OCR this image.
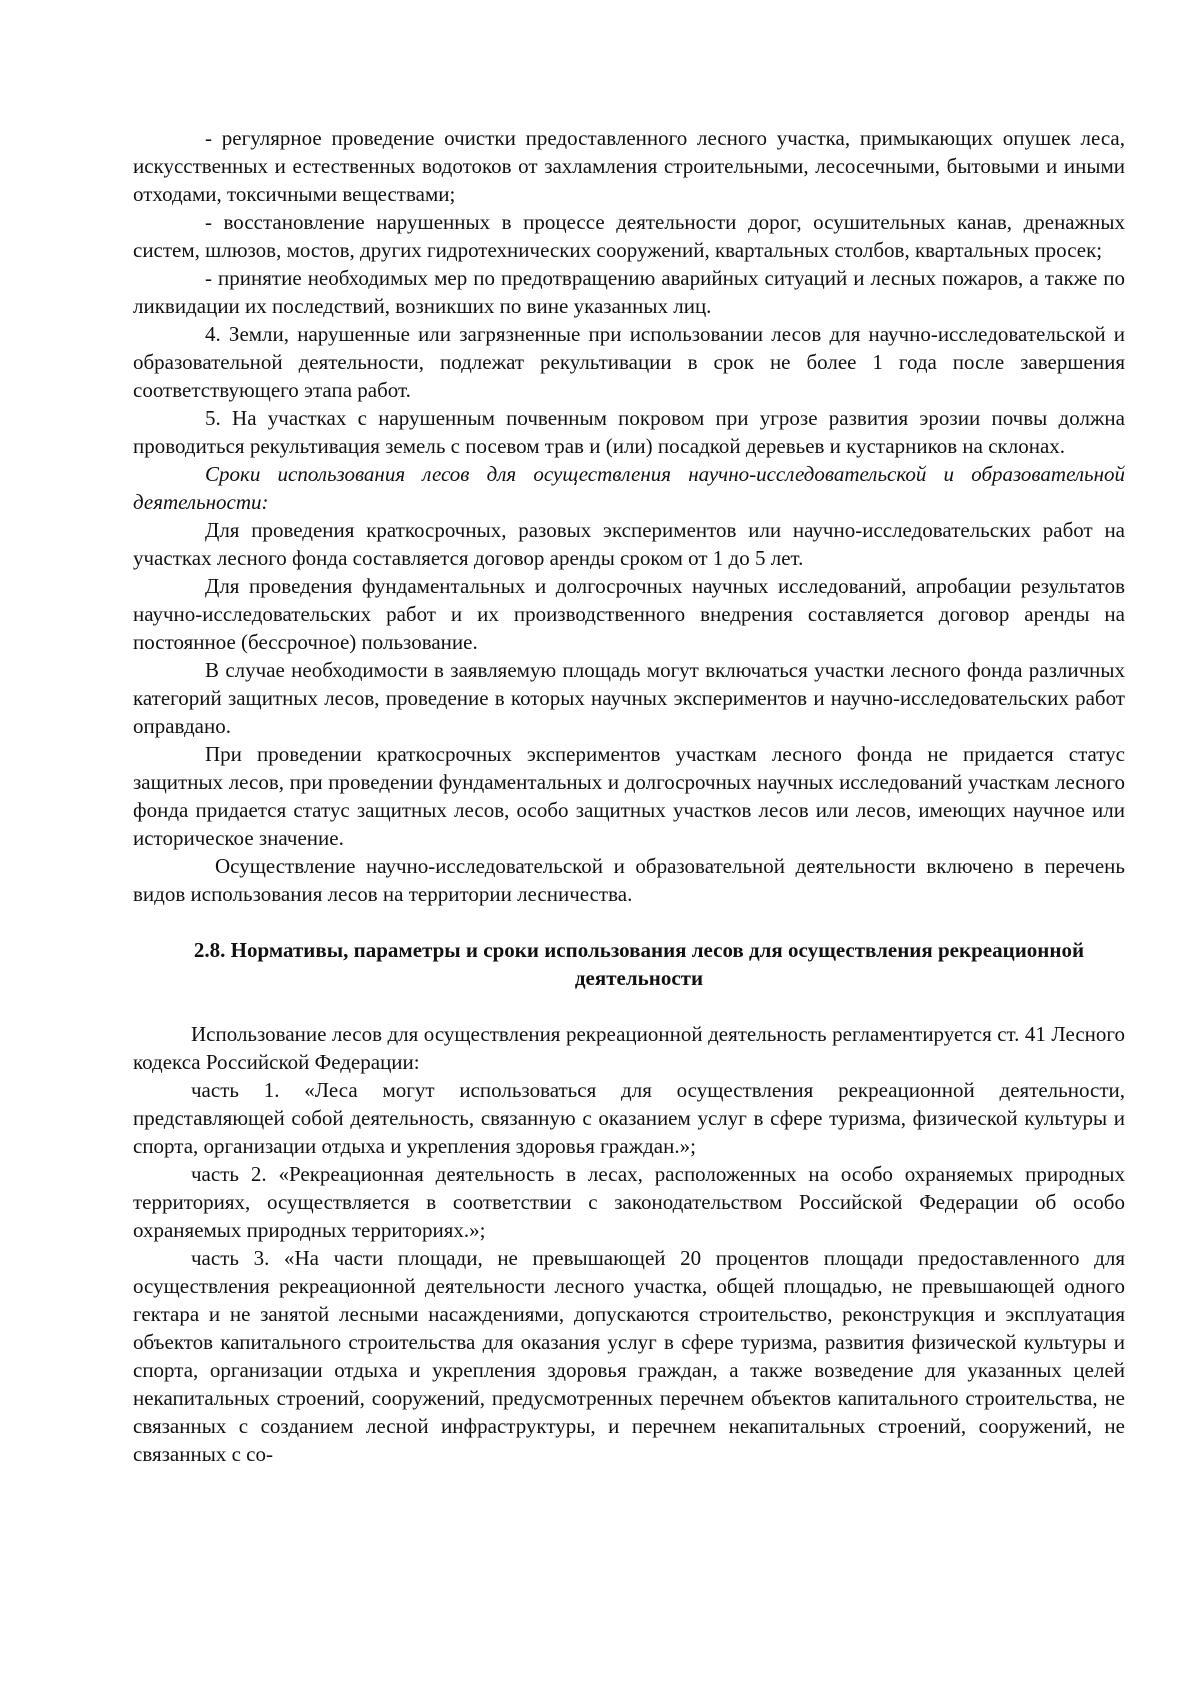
- регулярное проведение очистки предоставленного лесного участка, примыкающих опушек леса, искусственных и естественных водотоков от захламления строительными, лесосечными, бытовыми и иными отходами, токсичными веществами;

- восстановление нарушенных в процессе деятельности дорог, осушительных канав, дренажных систем, шлюзов, мостов, других гидротехнических сооружений, квартальных столбов, квартальных просек;

- принятие необходимых мер по предотвращению аварийных ситуаций и лесных пожаров, а также по ликвидации их последствий, возникших по вине указанных лиц.

4. Земли, нарушенные или загрязненные при использовании лесов для научно-исследовательской и образовательной деятельности, подлежат рекультивации в срок не более 1 года после завершения соответствующего этапа работ.

5. На участках с нарушенным почвенным покровом при угрозе развития эрозии почвы должна проводиться рекультивация земель с посевом трав и (или) посадкой деревьев и кустарников на склонах.

Сроки использования лесов для осуществления научно-исследовательской и образовательной деятельности:

Для проведения краткосрочных, разовых экспериментов или научно-исследовательских работ на участках лесного фонда составляется договор аренды сроком от 1 до 5 лет.

Для проведения фундаментальных и долгосрочных научных исследований, апробации результатов научно-исследовательских работ и их производственного внедрения составляется договор аренды на постоянное (бессрочное) пользование.

В случае необходимости в заявляемую площадь могут включаться участки лесного фонда различных категорий защитных лесов, проведение в которых научных экспериментов и научно-исследовательских работ оправдано.

При проведении краткосрочных экспериментов участкам лесного фонда не придается статус защитных лесов, при проведении фундаментальных и долгосрочных научных исследований участкам лесного фонда придается статус защитных лесов, особо защитных участков лесов или лесов, имеющих научное или историческое значение.

Осуществление научно-исследовательской и образовательной деятельности включено в перечень видов использования лесов на территории лесничества.

2.8. Нормативы, параметры и сроки использования лесов для осуществления рекреационной деятельности

Использование лесов для осуществления рекреационной деятельность регламентируется ст. 41 Лесного кодекса Российской Федерации:

часть 1. «Леса могут использоваться для осуществления рекреационной деятельности, представляющей собой деятельность, связанную с оказанием услуг в сфере туризма, физической культуры и спорта, организации отдыха и укрепления здоровья граждан.»;

часть 2. «Рекреационная деятельность в лесах, расположенных на особо охраняемых природных территориях, осуществляется в соответствии с законодательством Российской Федерации об особо охраняемых природных территориях.»;

часть 3. «На части площади, не превышающей 20 процентов площади предоставленного для осуществления рекреационной деятельности лесного участка, общей площадью, не превышающей одного гектара и не занятой лесными насаждениями, допускаются строительство, реконструкция и эксплуатация объектов капитального строительства для оказания услуг в сфере туризма, развития физической культуры и спорта, организации отдыха и укрепления здоровья граждан, а также возведение для указанных целей некапитальных строений, сооружений, предусмотренных перечнем объектов капитального строительства, не связанных с созданием лесной инфраструктуры, и перечнем некапитальных строений, сооружений, не связанных с со-
